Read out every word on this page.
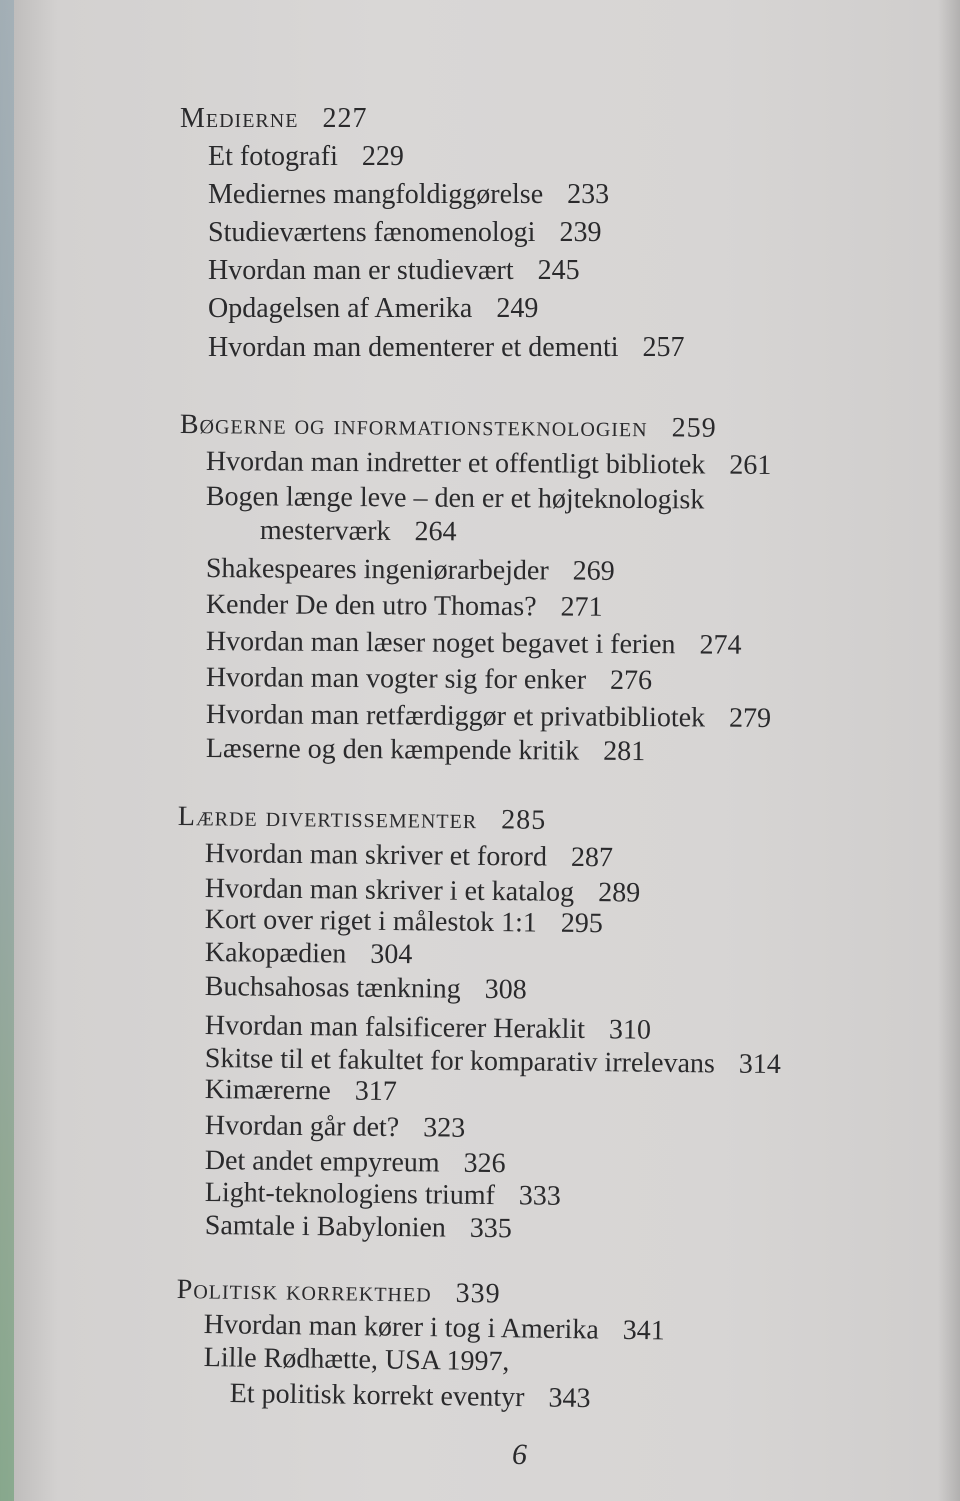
Medierne 227
Et fotografi 229
Mediernes mangfoldiggørelse 233
Studieværtens fænomenologi 239
Hvordan man er studievært 245
Opdagelsen af Amerika 249
Hvordan man dementerer et dementi 257
Bøgerne og informationsteknologien 259
Hvordan man indretter et offentligt bibliotek 261
Bogen længe leve – den er et højteknologisk
mesterværk 264
Shakespeares ingeniørarbejder 269
Kender De den utro Thomas? 271
Hvordan man læser noget begavet i ferien 274
Hvordan man vogter sig for enker 276
Hvordan man retfærdiggør et privatbibliotek 279
Læserne og den kæmpende kritik 281
Lærde divertissementer 285
Hvordan man skriver et forord 287
Hvordan man skriver i et katalog 289
Kort over riget i målestok 1:1 295
Kakopædien 304
Buchsahosas tænkning 308
Hvordan man falsificerer Heraklit 310
Skitse til et fakultet for komparativ irrelevans 314
Kimærerne 317
Hvordan går det? 323
Det andet empyreum 326
Light-teknologiens triumf 333
Samtale i Babylonien 335
Politisk korrekthed 339
Hvordan man kører i tog i Amerika 341
Lille Rødhætte, USA 1997,
Et politisk korrekt eventyr 343
6
